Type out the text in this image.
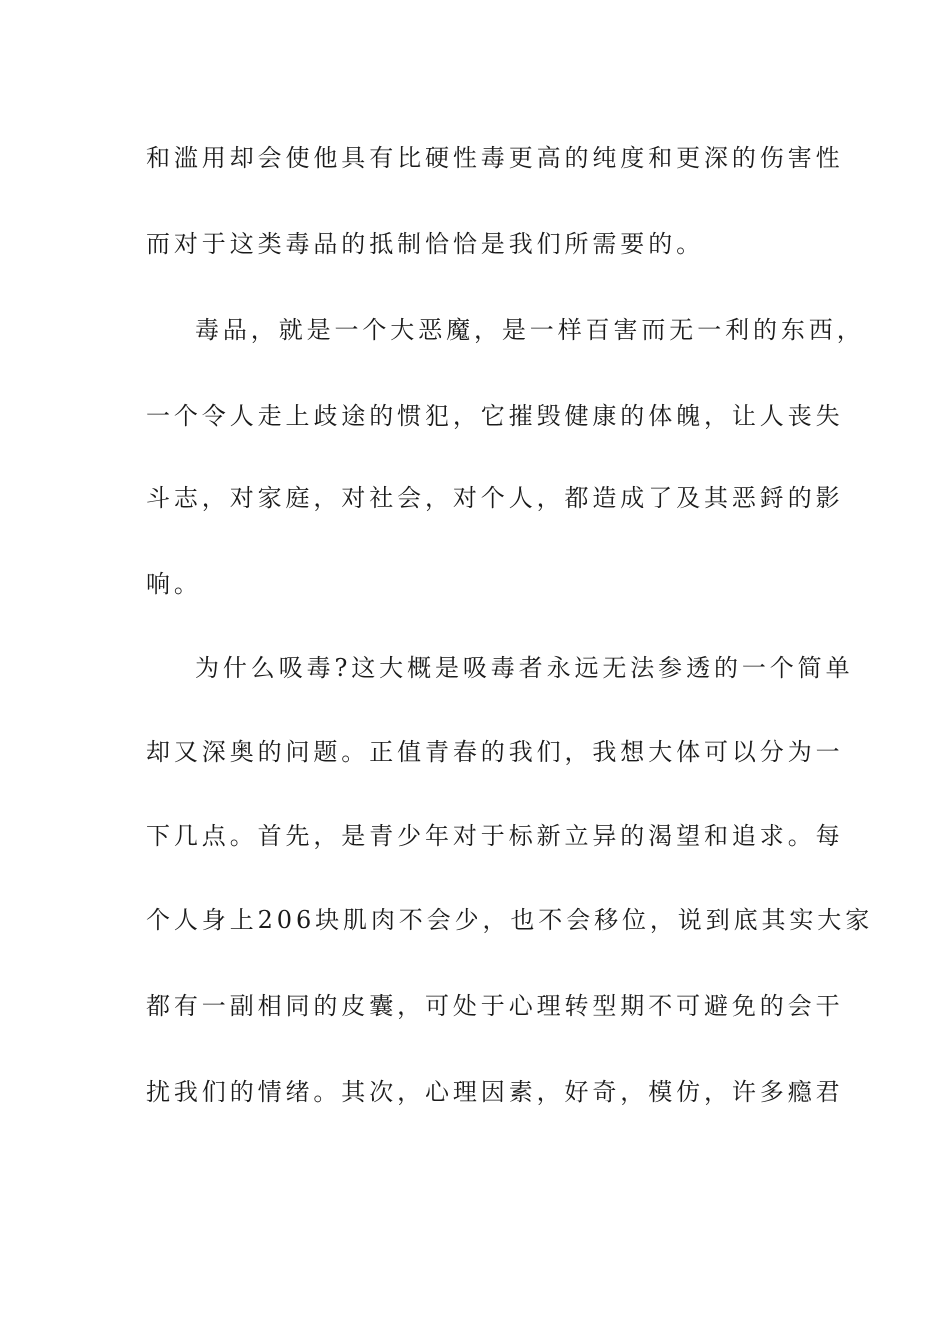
和滥用却会使他具有比硬性毒更高的纯度和更深的伤害性
而对于这类毒品的抵制恰恰是我们所需要的。
毒品，就是一个大恶魔，是一样百害而无一利的东西，
一个令人走上歧途的惯犯，它摧毁健康的体魄，让人丧失
斗志，对家庭，对社会，对个人，都造成了及其恶鋝的影
响。
为什么吸毒?这大概是吸毒者永远无法参透的一个简单
却又深奥的问题。正值青春的我们，我想大体可以分为一
下几点。首先，是青少年对于标新立异的渴望和追求。每
个人身上206块肌肉不会少，也不会移位，说到底其实大家
都有一副相同的皮囊，可处于心理转型期不可避免的会干
扰我们的情绪。其次，心理因素，好奇，模仿，许多瘾君
